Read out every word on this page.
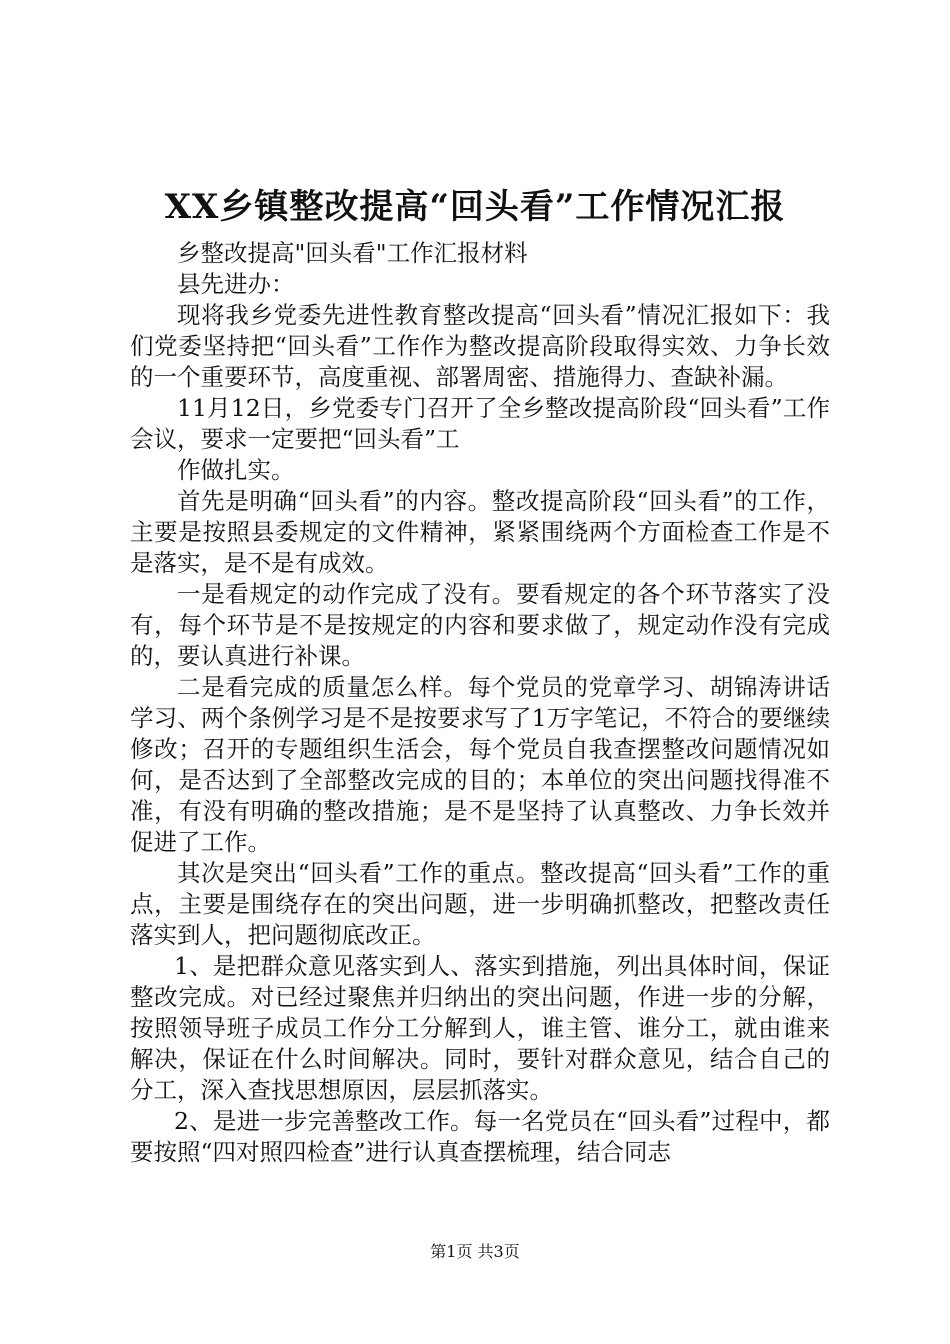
XX乡镇整改提高“回头看”工作情况汇报

乡整改提高"回头看"工作汇报材料

县先进办：

现将我乡党委先进性教育整改提高“回头看”情况汇报如下：我们党委坚持把“回头看”工作作为整改提高阶段取得实效、力争长效的一个重要环节，高度重视、部署周密、措施得力、查缺补漏。

11月12日，乡党委专门召开了全乡整改提高阶段“回头看”工作会议，要求一定要把“回头看”工

作做扎实。

首先是明确“回头看”的内容。整改提高阶段“回头看”的工作，主要是按照县委规定的文件精神，紧紧围绕两个方面检查工作是不是落实，是不是有成效。

一是看规定的动作完成了没有。要看规定的各个环节落实了没有，每个环节是不是按规定的内容和要求做了，规定动作没有完成的，要认真进行补课。

二是看完成的质量怎么样。每个党员的党章学习、胡锦涛讲话学习、两个条例学习是不是按要求写了1万字笔记，不符合的要继续修改；召开的专题组织生活会，每个党员自我查摆整改问题情况如何，是否达到了全部整改完成的目的；本单位的突出问题找得准不准，有没有明确的整改措施；是不是坚持了认真整改、力争长效并促进了工作。

其次是突出“回头看”工作的重点。整改提高“回头看”工作的重点，主要是围绕存在的突出问题，进一步明确抓整改，把整改责任落实到人，把问题彻底改正。

1、是把群众意见落实到人、落实到措施，列出具体时间，保证整改完成。对已经过聚焦并归纳出的突出问题，作进一步的分解，按照领导班子成员工作分工分解到人，谁主管、谁分工，就由谁来解决，保证在什么时间解决。同时，要针对群众意见，结合自己的分工，深入查找思想原因，层层抓落实。

2、是进一步完善整改工作。每一名党员在“回头看”过程中，都要按照“四对照四检查”进行认真查摆梳理，结合同志

第1页 共3页
